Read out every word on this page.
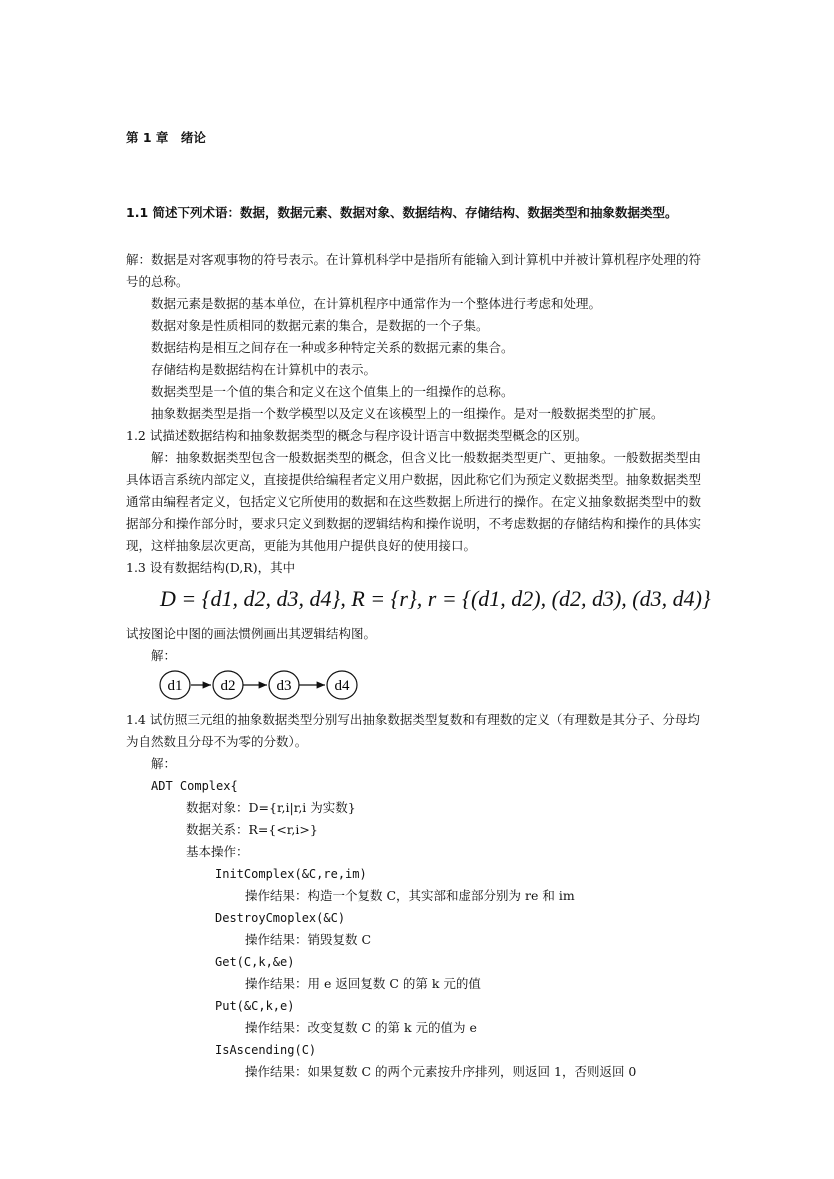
第 1 章　绪论
1.1 简述下列术语：数据，数据元素、数据对象、数据结构、存储结构、数据类型和抽象数据类型。
解：数据是对客观事物的符号表示。在计算机科学中是指所有能输入到计算机中并被计算机程序处理的符
号的总称。
数据元素是数据的基本单位，在计算机程序中通常作为一个整体进行考虑和处理。
数据对象是性质相同的数据元素的集合，是数据的一个子集。
数据结构是相互之间存在一种或多种特定关系的数据元素的集合。
存储结构是数据结构在计算机中的表示。
数据类型是一个值的集合和定义在这个值集上的一组操作的总称。
抽象数据类型是指一个数学模型以及定义在该模型上的一组操作。是对一般数据类型的扩展。
1.2 试描述数据结构和抽象数据类型的概念与程序设计语言中数据类型概念的区别。
解：抽象数据类型包含一般数据类型的概念，但含义比一般数据类型更广、更抽象。一般数据类型由
具体语言系统内部定义，直接提供给编程者定义用户数据，因此称它们为预定义数据类型。抽象数据类型
通常由编程者定义，包括定义它所使用的数据和在这些数据上所进行的操作。在定义抽象数据类型中的数
据部分和操作部分时，要求只定义到数据的逻辑结构和操作说明，不考虑数据的存储结构和操作的具体实
现，这样抽象层次更高，更能为其他用户提供良好的使用接口。
1.3 设有数据结构(D,R)，其中
D = {d1, d2, d3, d4}, R = {r}, r = {(d1, d2), (d2, d3), (d3, d4)}
试按图论中图的画法惯例画出其逻辑结构图。
解：
d1	d2	d3	d4
1.4 试仿照三元组的抽象数据类型分别写出抽象数据类型复数和有理数的定义（有理数是其分子、分母均
为自然数且分母不为零的分数）。
解：
ADT Complex{
数据对象：D={r,i|r,i 为实数}
数据关系：R={<r,i>}
基本操作：
InitComplex(&C,re,im)
操作结果：构造一个复数 C，其实部和虚部分别为 re 和 im
DestroyCmoplex(&C)
操作结果：销毁复数 C
Get(C,k,&e)
操作结果：用 e 返回复数 C 的第 k 元的值
Put(&C,k,e)
操作结果：改变复数 C 的第 k 元的值为 e
IsAscending(C)
操作结果：如果复数 C 的两个元素按升序排列，则返回 1，否则返回 0
